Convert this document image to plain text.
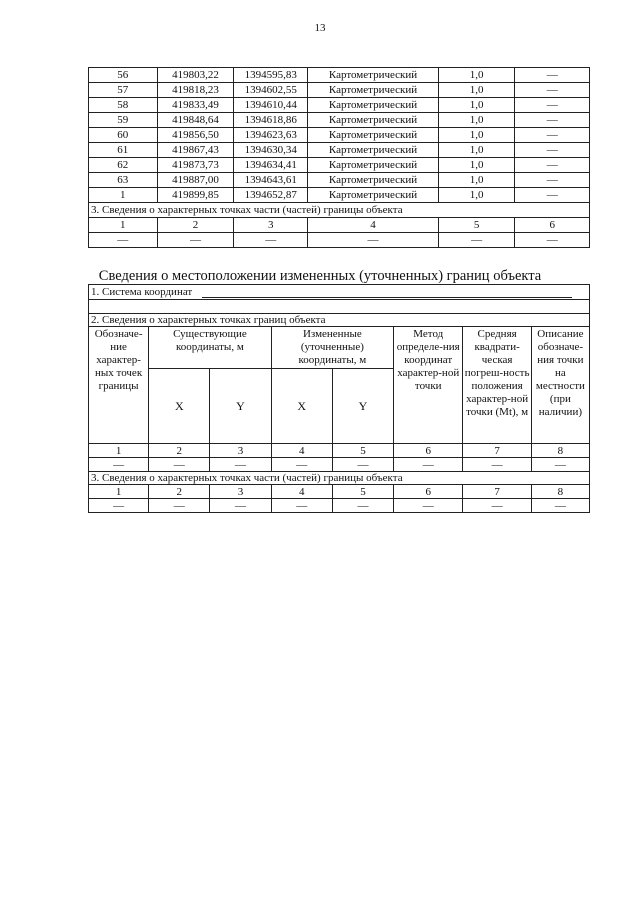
13
56	419803,22	1394595,83	Картометрический	1,0	—
57	419818,23	1394602,55	Картометрический	1,0	—
58	419833,49	1394610,44	Картометрический	1,0	—
59	419848,64	1394618,86	Картометрический	1,0	—
60	419856,50	1394623,63	Картометрический	1,0	—
61	419867,43	1394630,34	Картометрический	1,0	—
62	419873,73	1394634,41	Картометрический	1,0	—
63	419887,00	1394643,61	Картометрический	1,0	—
1	419899,85	1394652,87	Картометрический	1,0	—
3. Сведения о характерных точках части (частей) границы объекта					
1	2	3	4	5	6
—	—	—	—	—	—
Сведения о местоположении измененных (уточненных) границ объекта
1. Система координат							

2. Сведения о характерных точках границ объекта							
Обозначе-ние характер-ных точек границы	Существующие координаты, м		Измененные (уточненные) координаты, м		Метод определе-ния координат характер-ной точки	Средняя квадрати-ческая погреш-ность положения характер-ной точки (Mt), м	Описание обозначе-ния точки на местности (при наличии)
	X	Y	X	Y			
1	2	3	4	5	6	7	8
—	—	—	—	—	—	—	—
3. Сведения о характерных точках части (частей) границы объекта							
1	2	3	4	5	6	7	8
—	—	—	—	—	—	—	—
